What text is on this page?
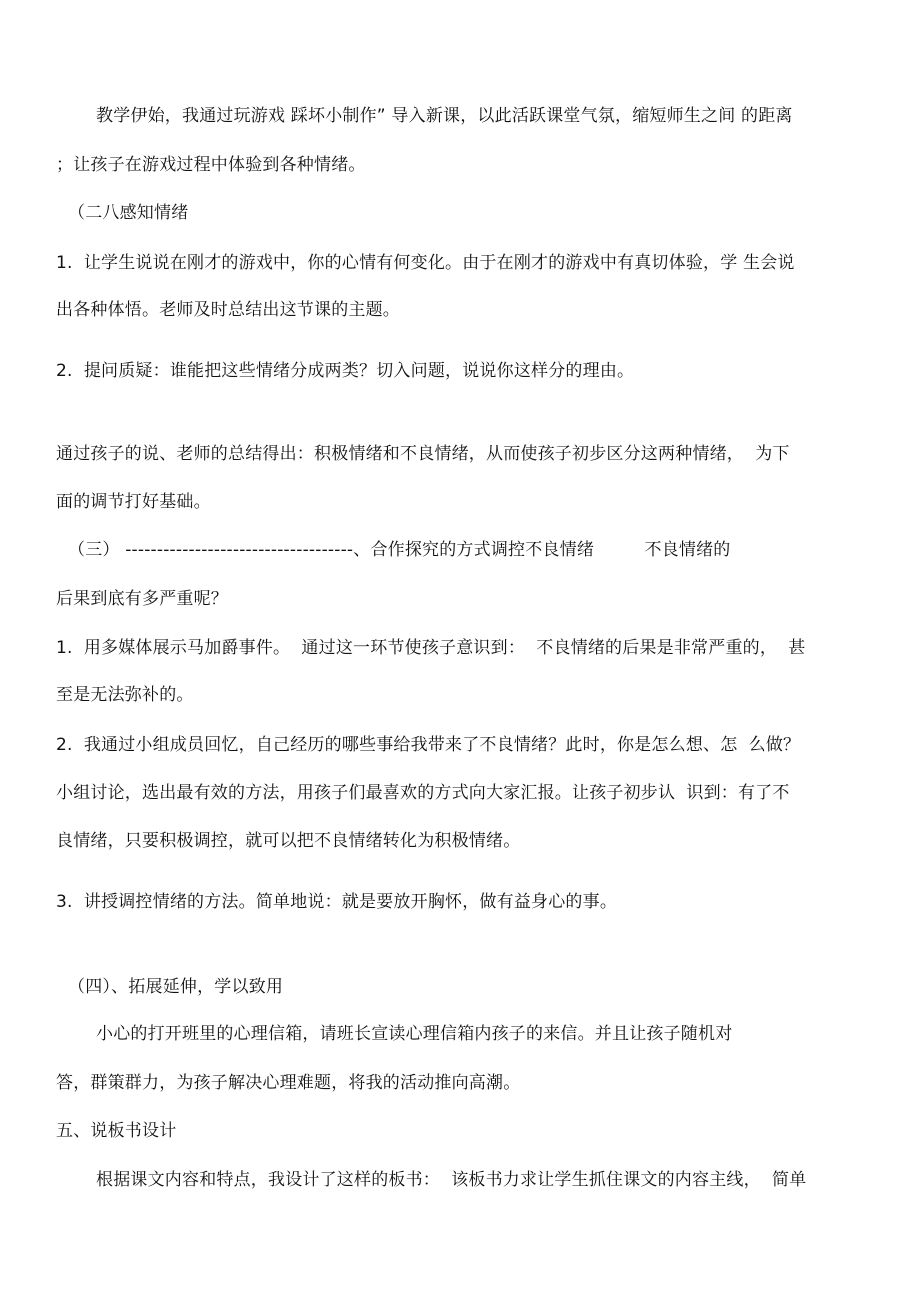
教学伊始，我通过玩游戏 踩坏小制作” 导入新课，以此活跃课堂气氛，缩短师生之间 的距离
；让孩子在游戏过程中体验到各种情绪。
（二八感知情绪
1.  让学生说说在刚才的游戏中，你的心情有何变化。由于在刚才的游戏中有真切体验，学 生会说
出各种体悟。老师及时总结出这节课的主题。
2.  提问质疑：谁能把这些情绪分成两类？切入问题，说说你这样分的理由。
通过孩子的说、老师的总结得出：积极情绪和不良情绪，从而使孩子初步区分这两种情绪，  为下
面的调节打好基础。
（三） ------------------------------------、合作探究的方式调控不良情绪         不良情绪的
后果到底有多严重呢？
1.  用多媒体展示马加爵事件。  通过这一环节使孩子意识到：  不良情绪的后果是非常严重的，  甚
至是无法弥补的。
2.  我通过小组成员回忆，自己经历的哪些事给我带来了不良情绪？此时，你是怎么想、怎  么做？
小组讨论，选出最有效的方法，用孩子们最喜欢的方式向大家汇报。让孩子初步认  识到：有了不
良情绪，只要积极调控，就可以把不良情绪转化为积极情绪。
3.  讲授调控情绪的方法。简单地说：就是要放开胸怀，做有益身心的事。
（四）、拓展延伸，学以致用
小心的打开班里的心理信箱，请班长宣读心理信箱内孩子的来信。并且让孩子随机对
答，群策群力，为孩子解决心理难题，将我的活动推向高潮。
五、说板书设计
根据课文内容和特点，我设计了这样的板书：  该板书力求让学生抓住课文的内容主线，  简单
